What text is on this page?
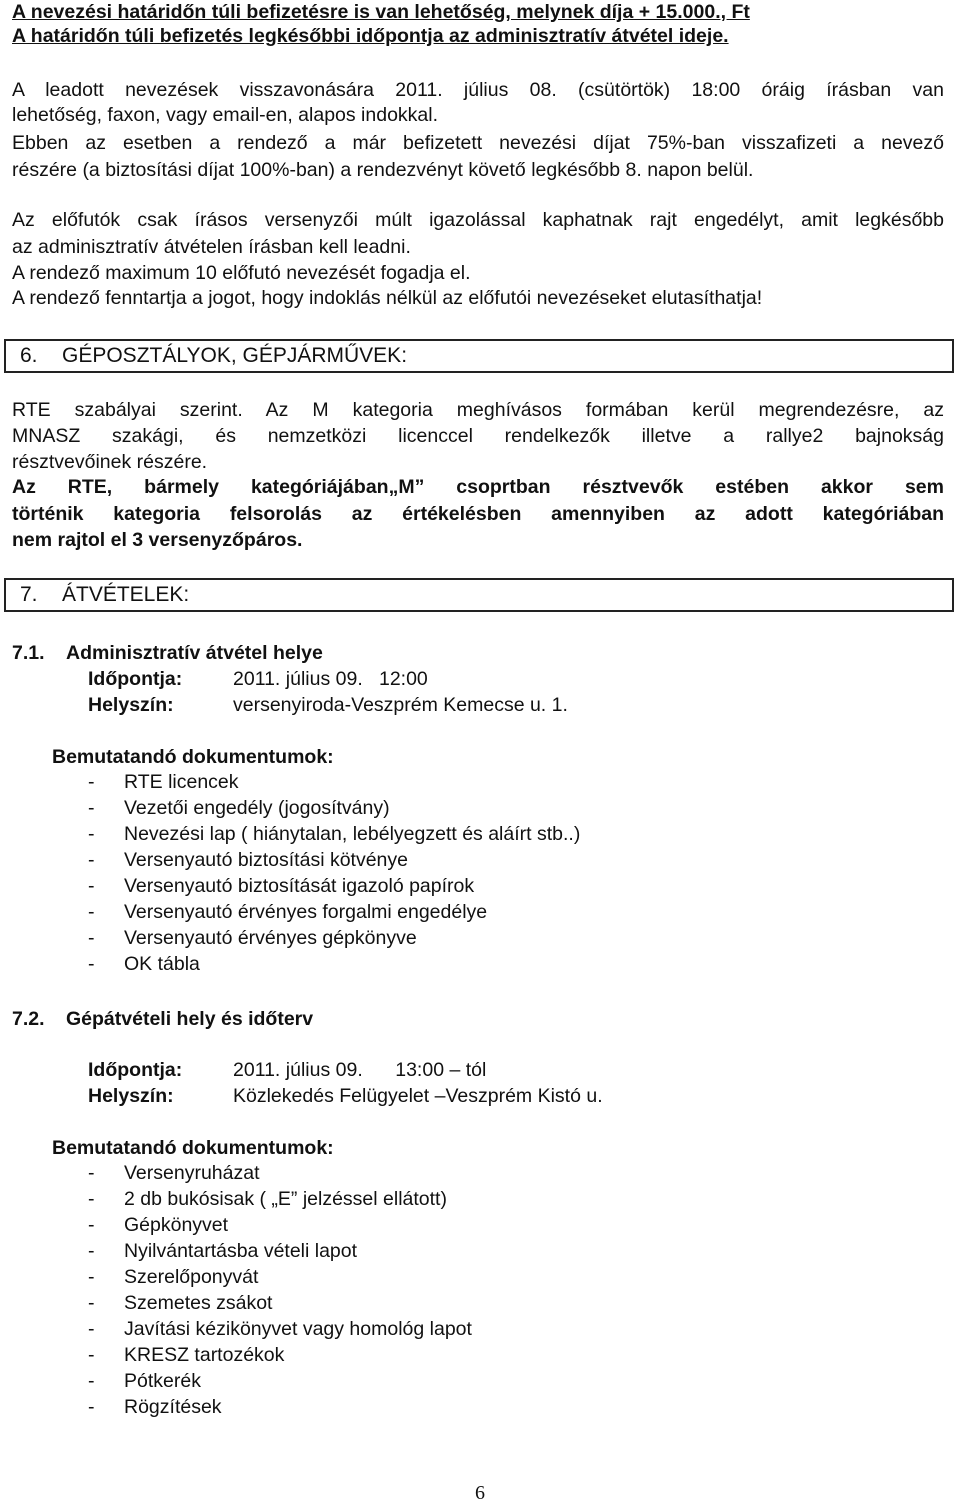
A nevezési határidőn túli befizetésre is van lehetőség, melynek díja + 15.000., Ft
A határidőn túli befizetés legkésőbbi időpontja az adminisztratív átvétel ideje.
A leadott nevezések visszavonására 2011. július 08. (csütörtök) 18:00 óráig írásban van
lehetőség, faxon, vagy email-en, alapos indokkal.
Ebben az esetben a rendező a már befizetett nevezési díjat 75%-ban visszafizeti a nevező
részére (a biztosítási díjat 100%-ban) a rendezvényt követő legkésőbb 8. napon belül.
Az előfutók csak írásos versenyzői múlt igazolással kaphatnak rajt engedélyt, amit legkésőbb
az adminisztratív átvételen írásban kell leadni.
A rendező maximum 10 előfutó nevezését fogadja el.
A rendező fenntartja a jogot, hogy indoklás nélkül az előfutói nevezéseket elutasíthatja!
6. GÉPOSZTÁLYOK, GÉPJÁRMŰVEK:
RTE szabályai szerint. Az M kategoria meghívásos formában kerül megrendezésre, az
MNASZ szakági, és nemzetközi licenccel rendelkezők illetve a rallye2 bajnokság
résztvevőinek részére.
Az RTE, bármely kategóriájában„M” csoprtban résztvevők estében akkor sem
történik kategoria felsorolás az értékelésben amennyiben az adott kategóriában
nem rajtol el 3 versenyzőpáros.
7. ÁTVÉTELEK:
7.1. Adminisztratív átvétel helye
Időpontja:	2011. július 09.   12:00
Helyszín:	versenyiroda-Veszprém Kemecse u. 1.
Bemutatandó dokumentumok:
- RTE licencek
- Vezetői engedély (jogosítvány)
- Nevezési lap ( hiánytalan, lebélyegzett és aláírt stb..)
- Versenyautó biztosítási kötvénye
- Versenyautó biztosítását igazoló papírok
- Versenyautó érvényes forgalmi engedélye
- Versenyautó érvényes gépkönyve
- OK tábla
7.2. Gépátvételi hely és időterv
Időpontja:	2011. július 09.      13:00 – tól
Helyszín:	Közlekedés Felügyelet –Veszprém Kistó u.
Bemutatandó dokumentumok:
- Versenyruházat
- 2 db bukósisak ( „E” jelzéssel ellátott)
- Gépkönyvet
- Nyilvántartásba vételi lapot
- Szerelőponyvát
- Szemetes zsákot
- Javítási kézikönyvet vagy homológ lapot
- KRESZ tartozékok
- Pótkerék
- Rögzítések
6
